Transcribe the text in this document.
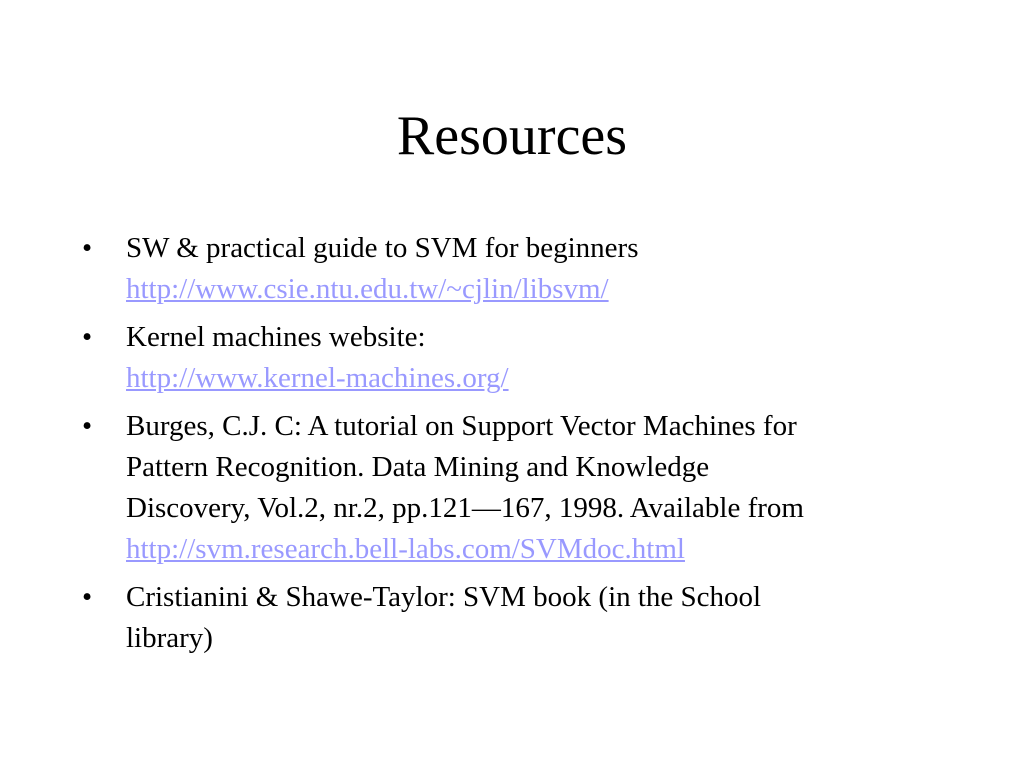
Resources
•	SW & practical guide to SVM for beginners
http://www.csie.ntu.edu.tw/~cjlin/libsvm/
•	Kernel machines website:
http://www.kernel-machines.org/
•	Burges, C.J. C: A tutorial on Support Vector Machines for
Pattern Recognition. Data Mining and Knowledge
Discovery, Vol.2, nr.2, pp.121—167, 1998. Available from
http://svm.research.bell-labs.com/SVMdoc.html
•	Cristianini & Shawe-Taylor: SVM book (in the School
library)
